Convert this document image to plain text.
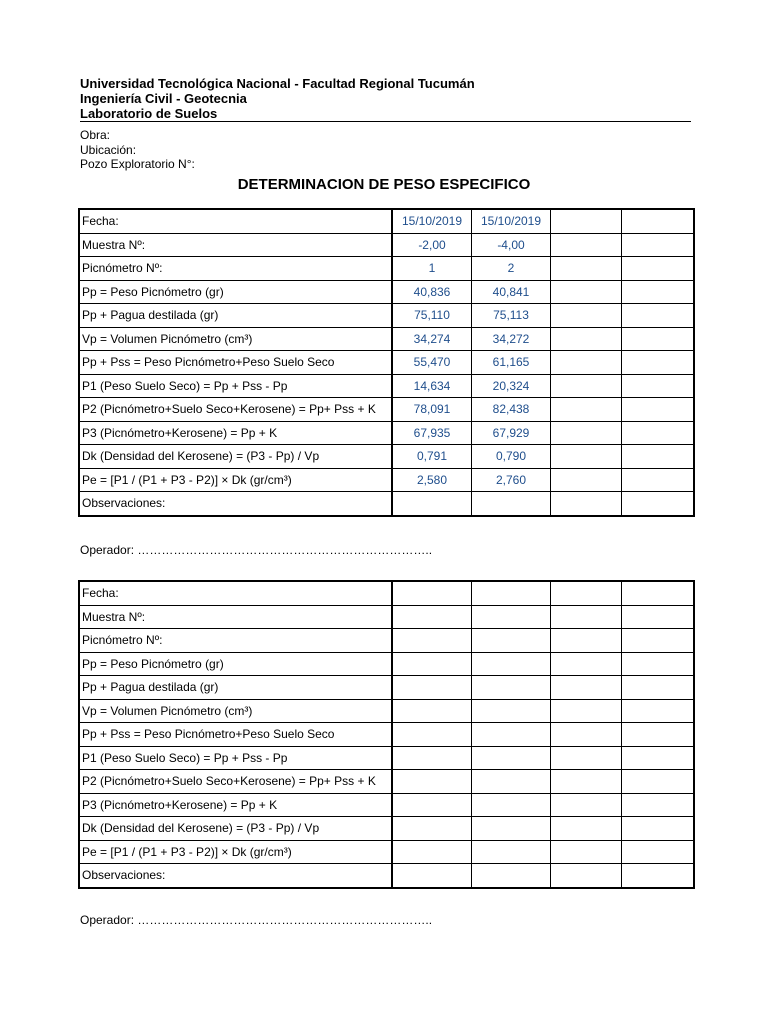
Universidad Tecnológica Nacional - Facultad Regional Tucumán
Ingeniería Civil - Geotecnia
Laboratorio de Suelos
Obra:
Ubicación:
Pozo Exploratorio N°:
DETERMINACION DE PESO ESPECIFICO
Fecha:	15/10/2019	15/10/2019		
Muestra Nº:	-2,00	-4,00		
Picnómetro Nº:	1	2		
Pp = Peso Picnómetro (gr)	40,836	40,841		
Pp + Pagua destilada (gr)	75,110	75,113		
Vp = Volumen Picnómetro (cm³)	34,274	34,272		
Pp + Pss = Peso Picnómetro+Peso Suelo Seco	55,470	61,165		
P1 (Peso Suelo Seco) = Pp + Pss - Pp	14,634	20,324		
P2 (Picnómetro+Suelo Seco+Kerosene) = Pp+ Pss + K	78,091	82,438		
P3 (Picnómetro+Kerosene) = Pp + K	67,935	67,929		
Dk (Densidad del Kerosene) = (P3 - Pp) / Vp	0,791	0,790		
Pe = [P1 / (P1 + P3 - P2)] × Dk (gr/cm³)	2,580	2,760		
Observaciones:				
Operador: ………………………………………………………………..
Fecha:				
Muestra Nº:				
Picnómetro Nº:				
Pp = Peso Picnómetro (gr)				
Pp + Pagua destilada (gr)				
Vp = Volumen Picnómetro (cm³)				
Pp + Pss = Peso Picnómetro+Peso Suelo Seco				
P1 (Peso Suelo Seco) = Pp + Pss - Pp				
P2 (Picnómetro+Suelo Seco+Kerosene) = Pp+ Pss + K				
P3 (Picnómetro+Kerosene) = Pp + K				
Dk (Densidad del Kerosene) = (P3 - Pp) / Vp				
Pe = [P1 / (P1 + P3 - P2)] × Dk (gr/cm³)				
Observaciones:				
Operador: ………………………………………………………………..
